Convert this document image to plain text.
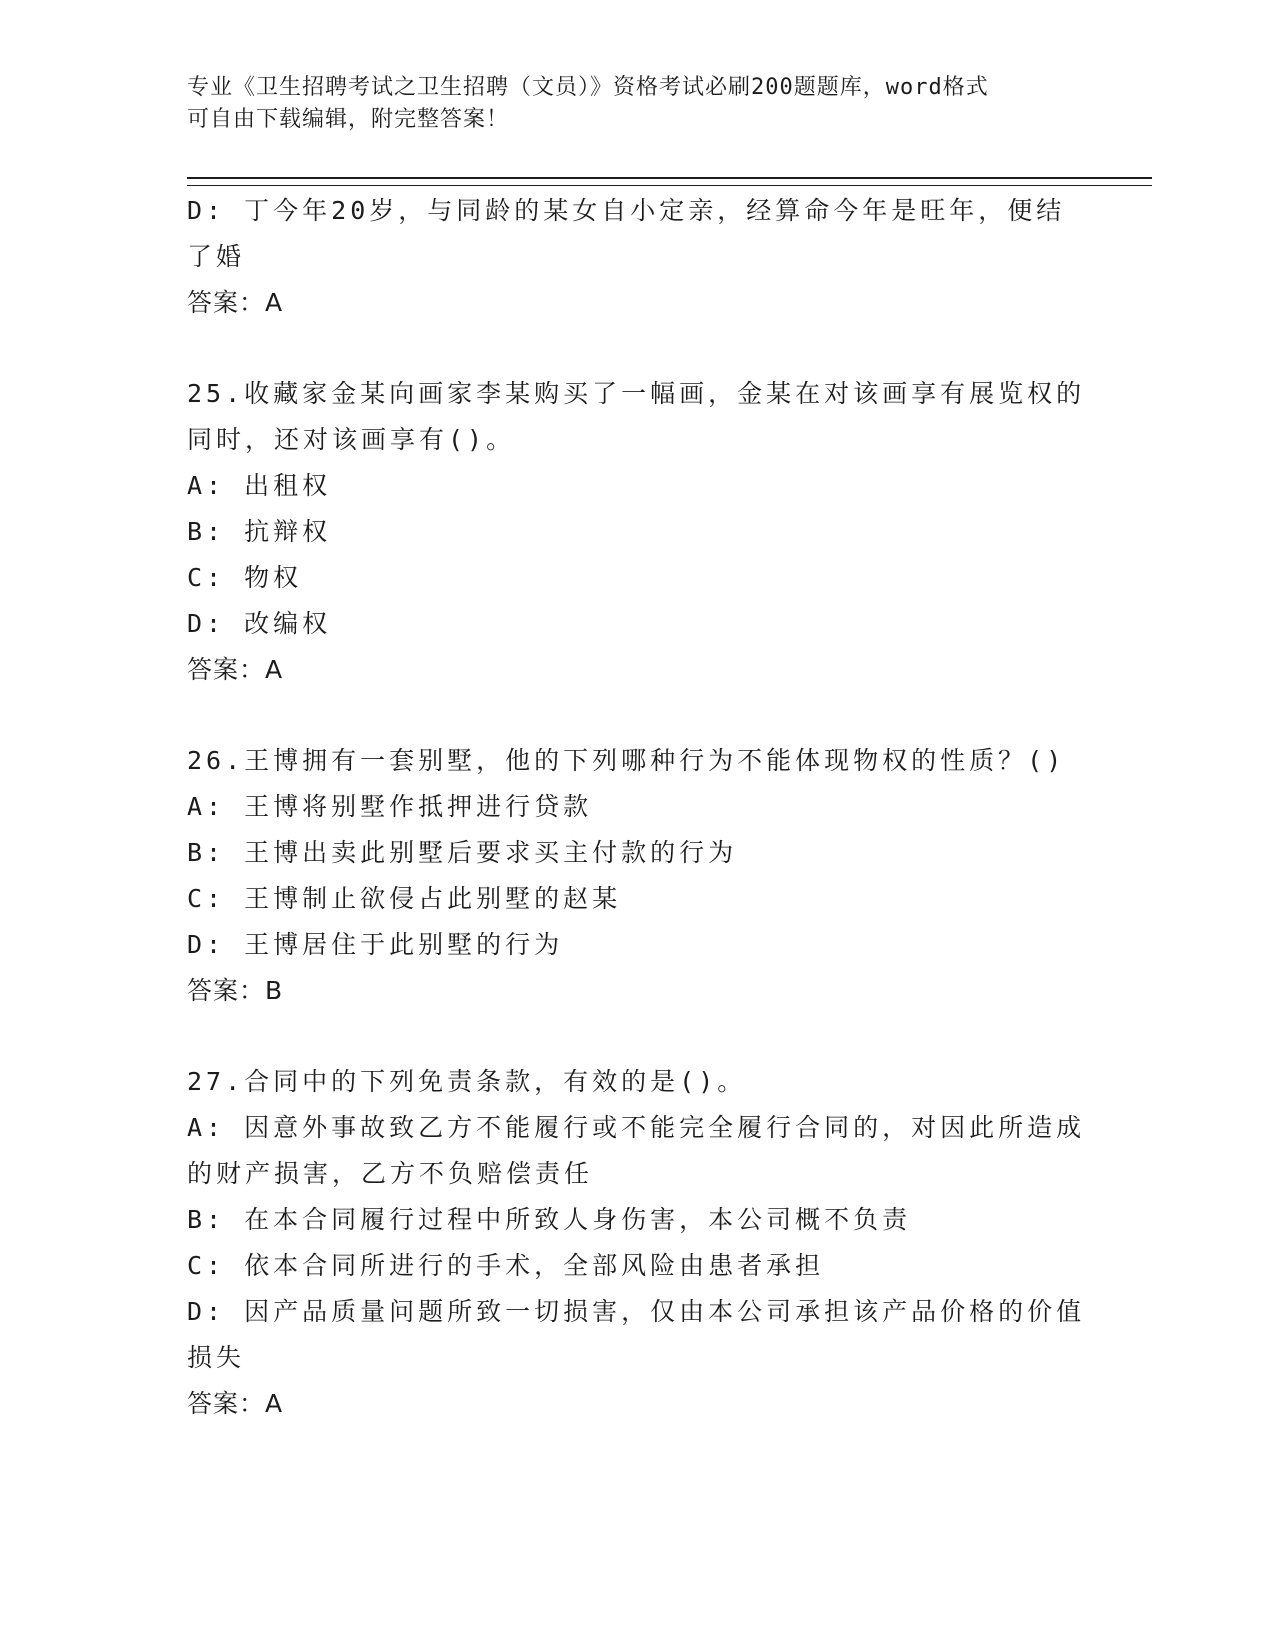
专业《卫生招聘考试之卫生招聘（文员）》资格考试必刷200题题库，word格式
可自由下载编辑，附完整答案！
D: 丁今年20岁，与同龄的某女自小定亲，经算命今年是旺年，便结
了婚
答案：A
25.收藏家金某向画家李某购买了一幅画，金某在对该画享有展览权的
同时，还对该画享有()。
A: 出租权
B: 抗辩权
C: 物权
D: 改编权
答案：A
26.王博拥有一套别墅，他的下列哪种行为不能体现物权的性质？()
A: 王博将别墅作抵押进行贷款
B: 王博出卖此别墅后要求买主付款的行为
C: 王博制止欲侵占此别墅的赵某
D: 王博居住于此别墅的行为
答案：B
27.合同中的下列免责条款，有效的是()。
A: 因意外事故致乙方不能履行或不能完全履行合同的，对因此所造成
的财产损害，乙方不负赔偿责任
B: 在本合同履行过程中所致人身伤害，本公司概不负责
C: 依本合同所进行的手术，全部风险由患者承担
D: 因产品质量问题所致一切损害，仅由本公司承担该产品价格的价值
损失
答案：A
